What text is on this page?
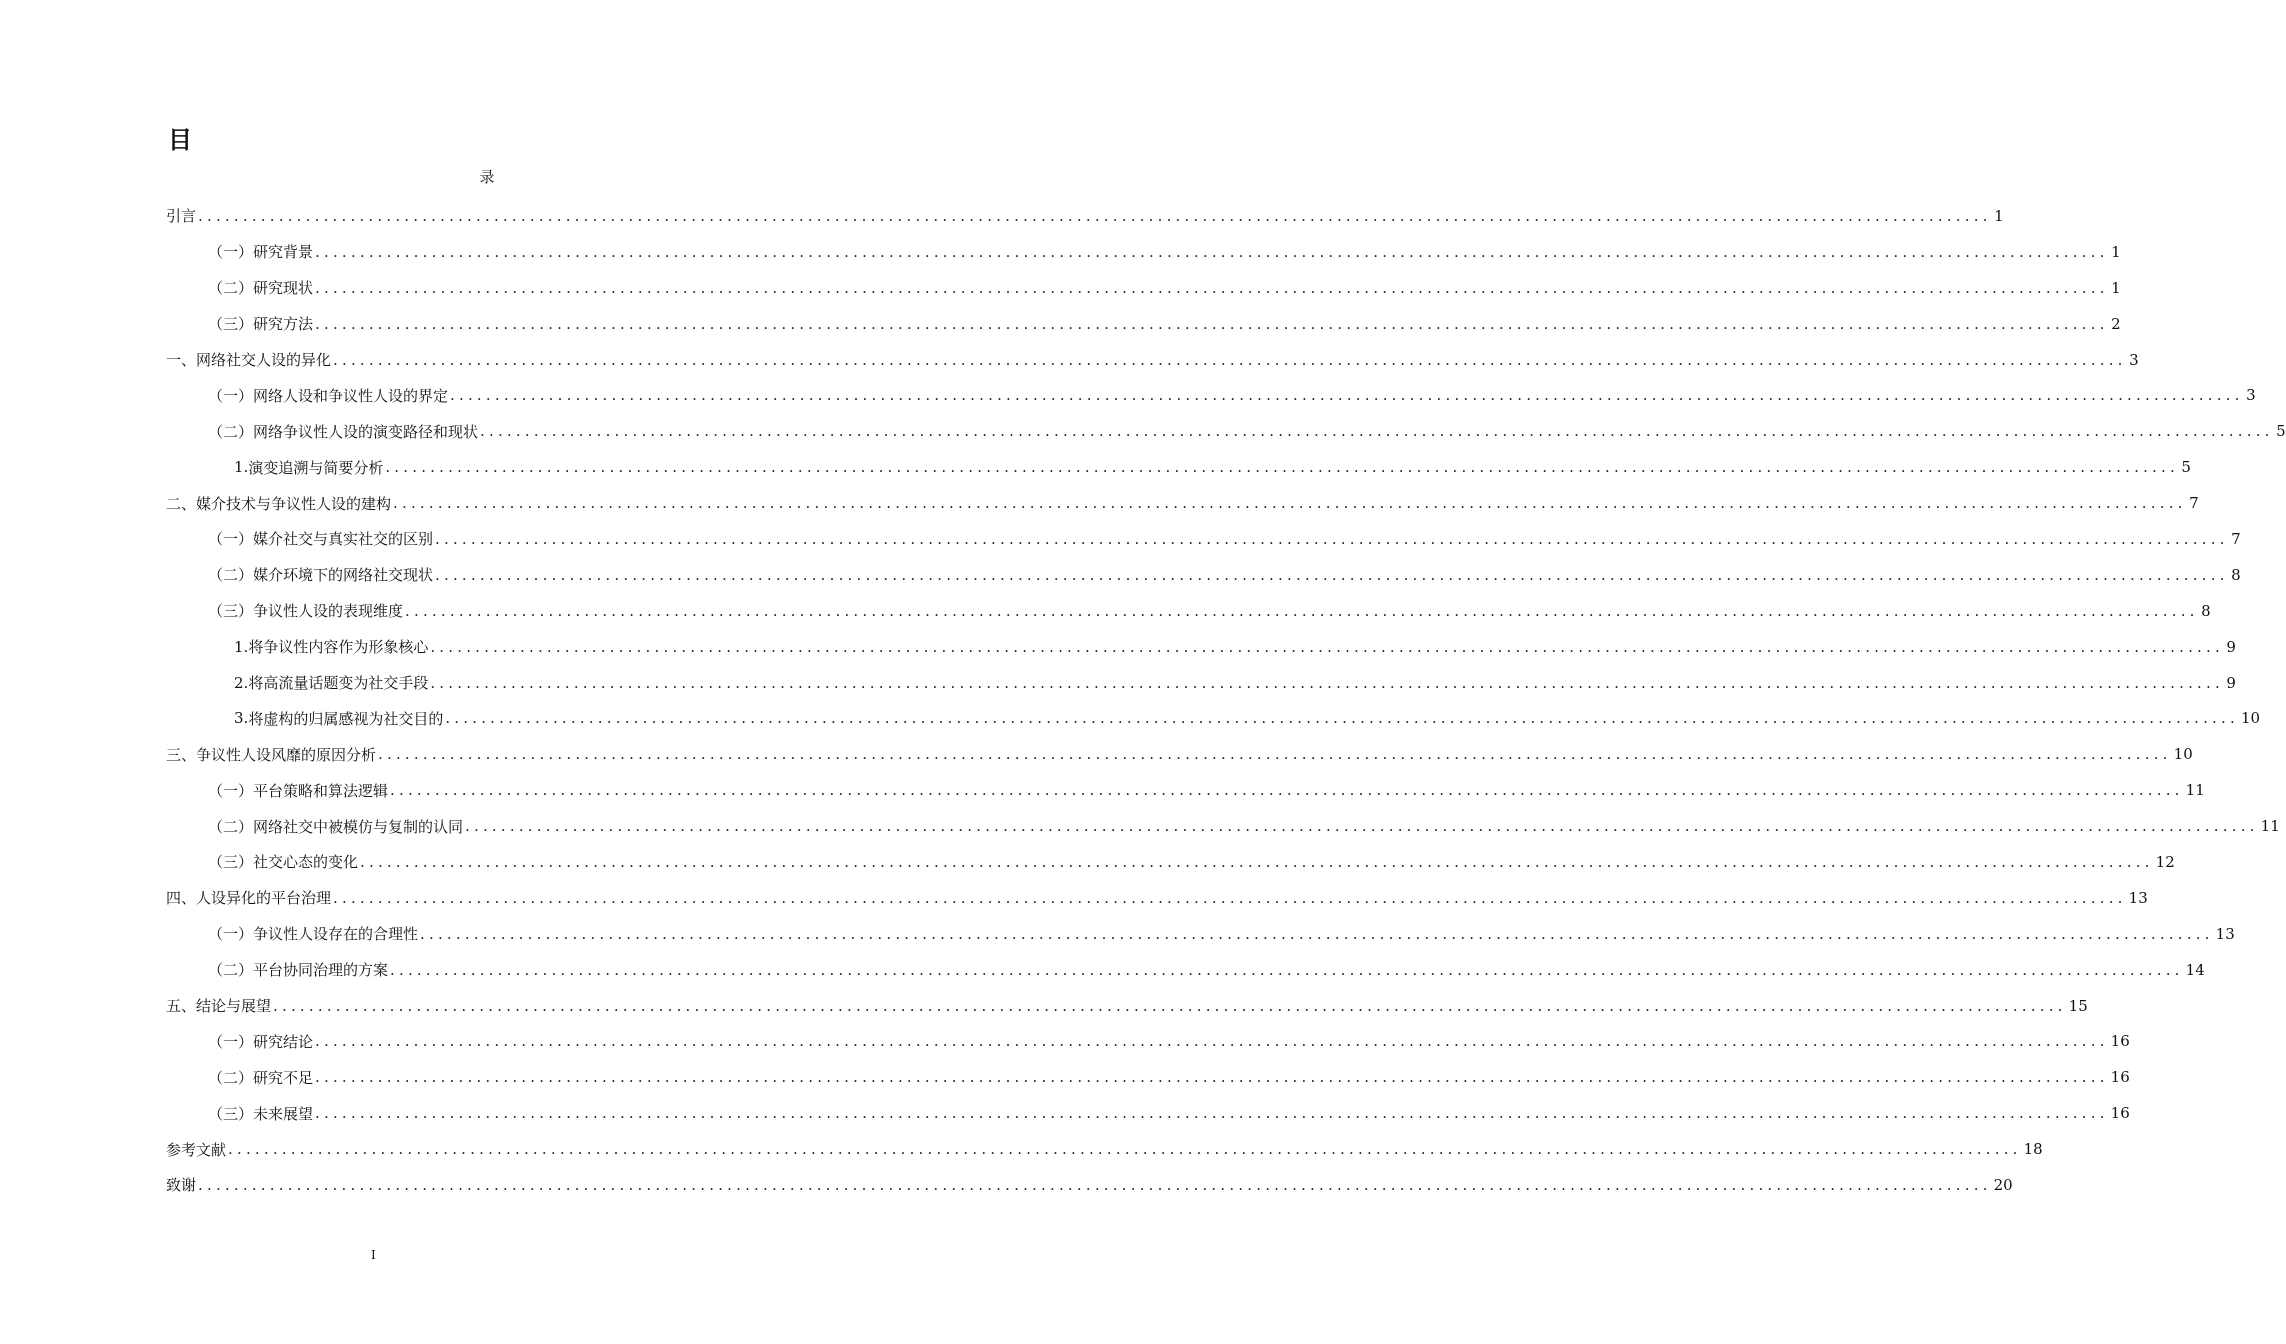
目
录
引言 ........................................................................................................................................................................................................ 1
（一） 研究背景 ........................................................................................................................................................................................................ 1
（二） 研究现状 ........................................................................................................................................................................................................ 1
（三） 研究方法 ........................................................................................................................................................................................................ 2
一、 网络社交人设的异化 ........................................................................................................................................................................................................ 3
（一） 网络人设和争议性人设的界定 ........................................................................................................................................................................................................ 3
（二） 网络争议性人设的演变路径和现状 ........................................................................................................................................................................................................ 5
1. 演变追溯与简要分析 ........................................................................................................................................................................................................ 5
二、 媒介技术与争议性人设的建构 ........................................................................................................................................................................................................ 7
（一） 媒介社交与真实社交的区别 ........................................................................................................................................................................................................ 7
（二） 媒介环境下的网络社交现状 ........................................................................................................................................................................................................ 8
（三） 争议性人设的表现维度 ........................................................................................................................................................................................................ 8
1. 将争议性内容作为形象核心 ........................................................................................................................................................................................................ 9
2. 将高流量话题变为社交手段 ........................................................................................................................................................................................................ 9
3. 将虚构的归属感视为社交目的 ........................................................................................................................................................................................................ 10
三、 争议性人设风靡的原因分析 ........................................................................................................................................................................................................ 10
（一） 平台策略和算法逻辑 ........................................................................................................................................................................................................ 11
（二） 网络社交中被模仿与复制的认同 ........................................................................................................................................................................................................ 11
（三） 社交心态的变化 ........................................................................................................................................................................................................ 12
四、 人设异化的平台治理 ........................................................................................................................................................................................................ 13
（一） 争议性人设存在的合理性 ........................................................................................................................................................................................................ 13
（二） 平台协同治理的方案 ........................................................................................................................................................................................................ 14
五、 结论与展望 ........................................................................................................................................................................................................ 15
（一） 研究结论 ........................................................................................................................................................................................................ 16
（二） 研究不足 ........................................................................................................................................................................................................ 16
（三） 未来展望 ........................................................................................................................................................................................................ 16
参考文献 ........................................................................................................................................................................................................ 18
致谢 ........................................................................................................................................................................................................ 20
I
